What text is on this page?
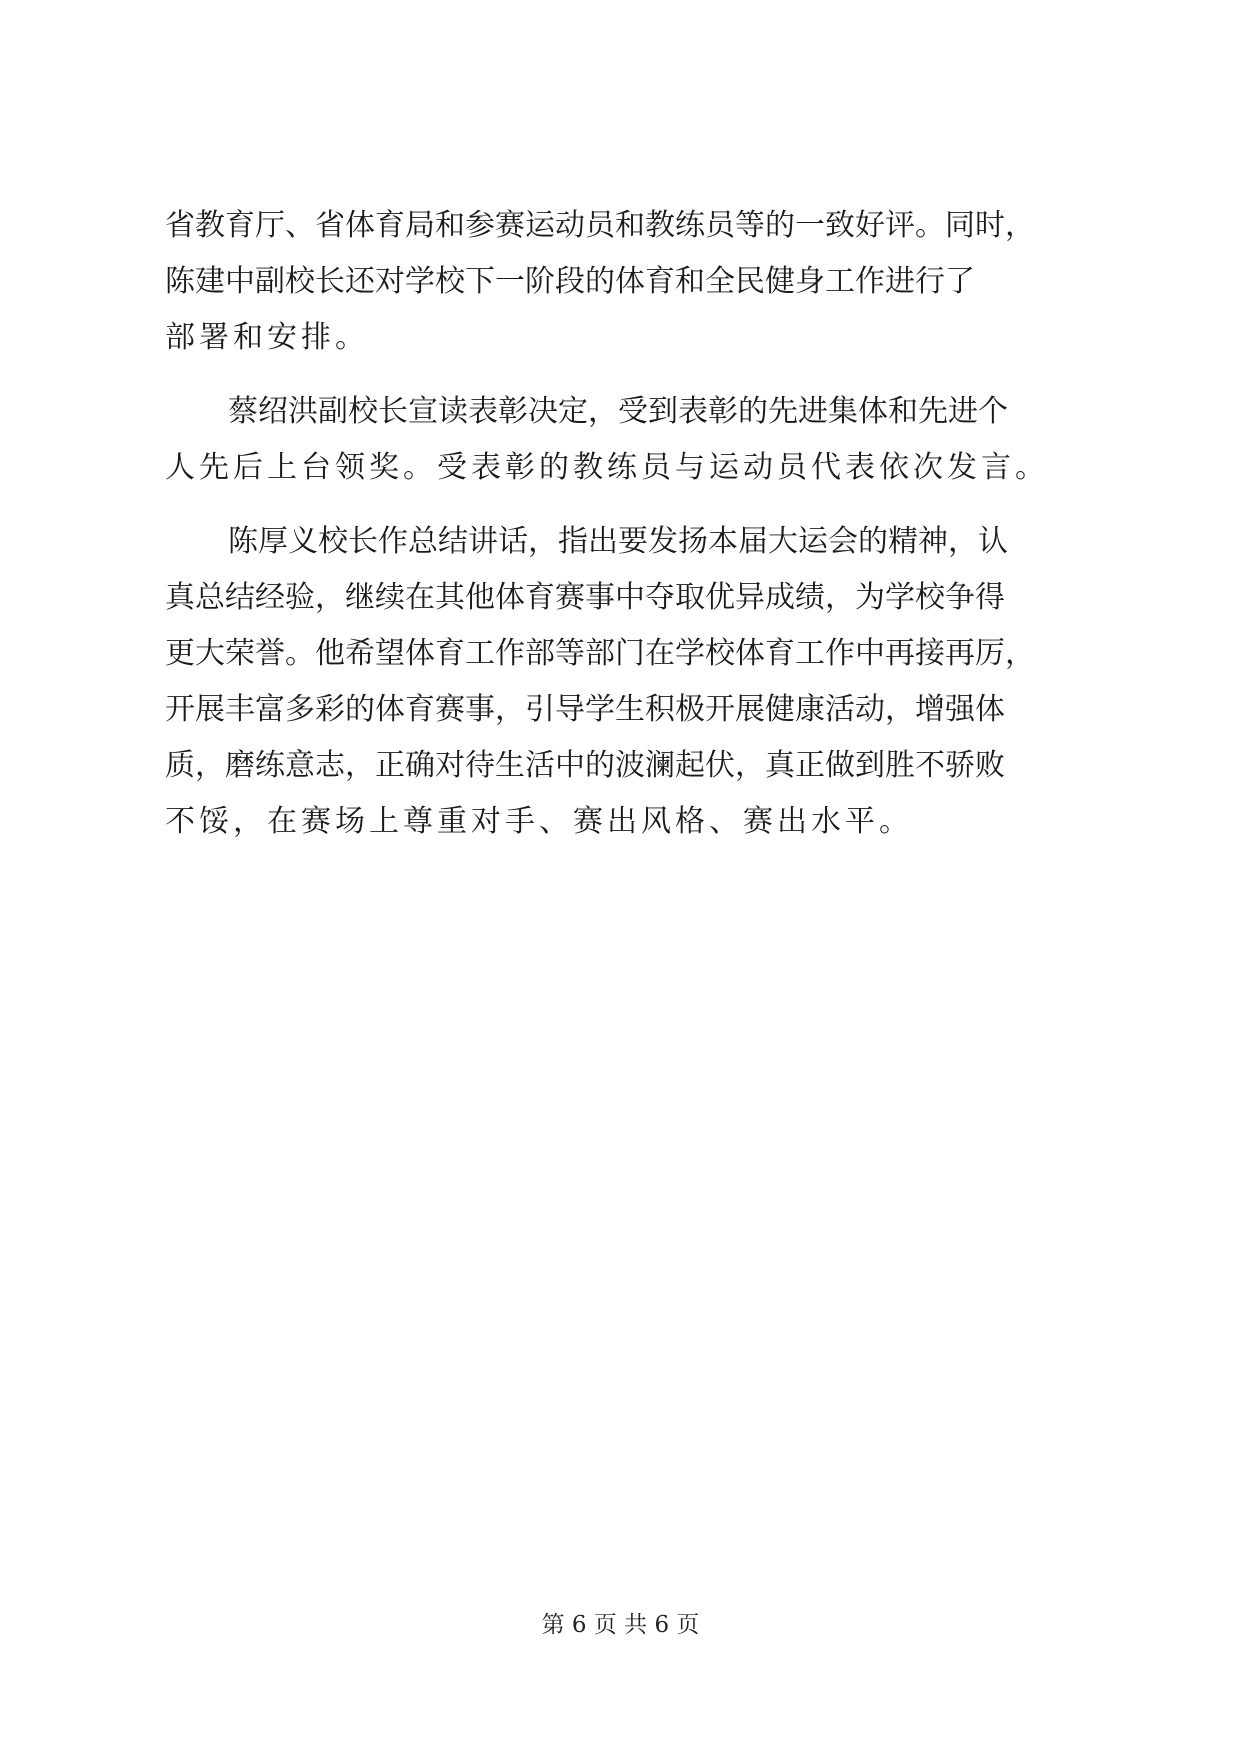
省教育厅、省体育局和参赛运动员和教练员等的一致好评。同时，
陈建中副校长还对学校下一阶段的体育和全民健身工作进行了
部署和安排。
蔡绍洪副校长宣读表彰决定，受到表彰的先进集体和先进个
人先后上台领奖。受表彰的教练员与运动员代表依次发言。
陈厚义校长作总结讲话，指出要发扬本届大运会的精神，认
真总结经验，继续在其他体育赛事中夺取优异成绩，为学校争得
更大荣誉。他希望体育工作部等部门在学校体育工作中再接再厉，
开展丰富多彩的体育赛事，引导学生积极开展健康活动，增强体
质，磨练意志，正确对待生活中的波澜起伏，真正做到胜不骄败
不馁，在赛场上尊重对手、赛出风格、赛出水平。
第 6 页 共 6 页
